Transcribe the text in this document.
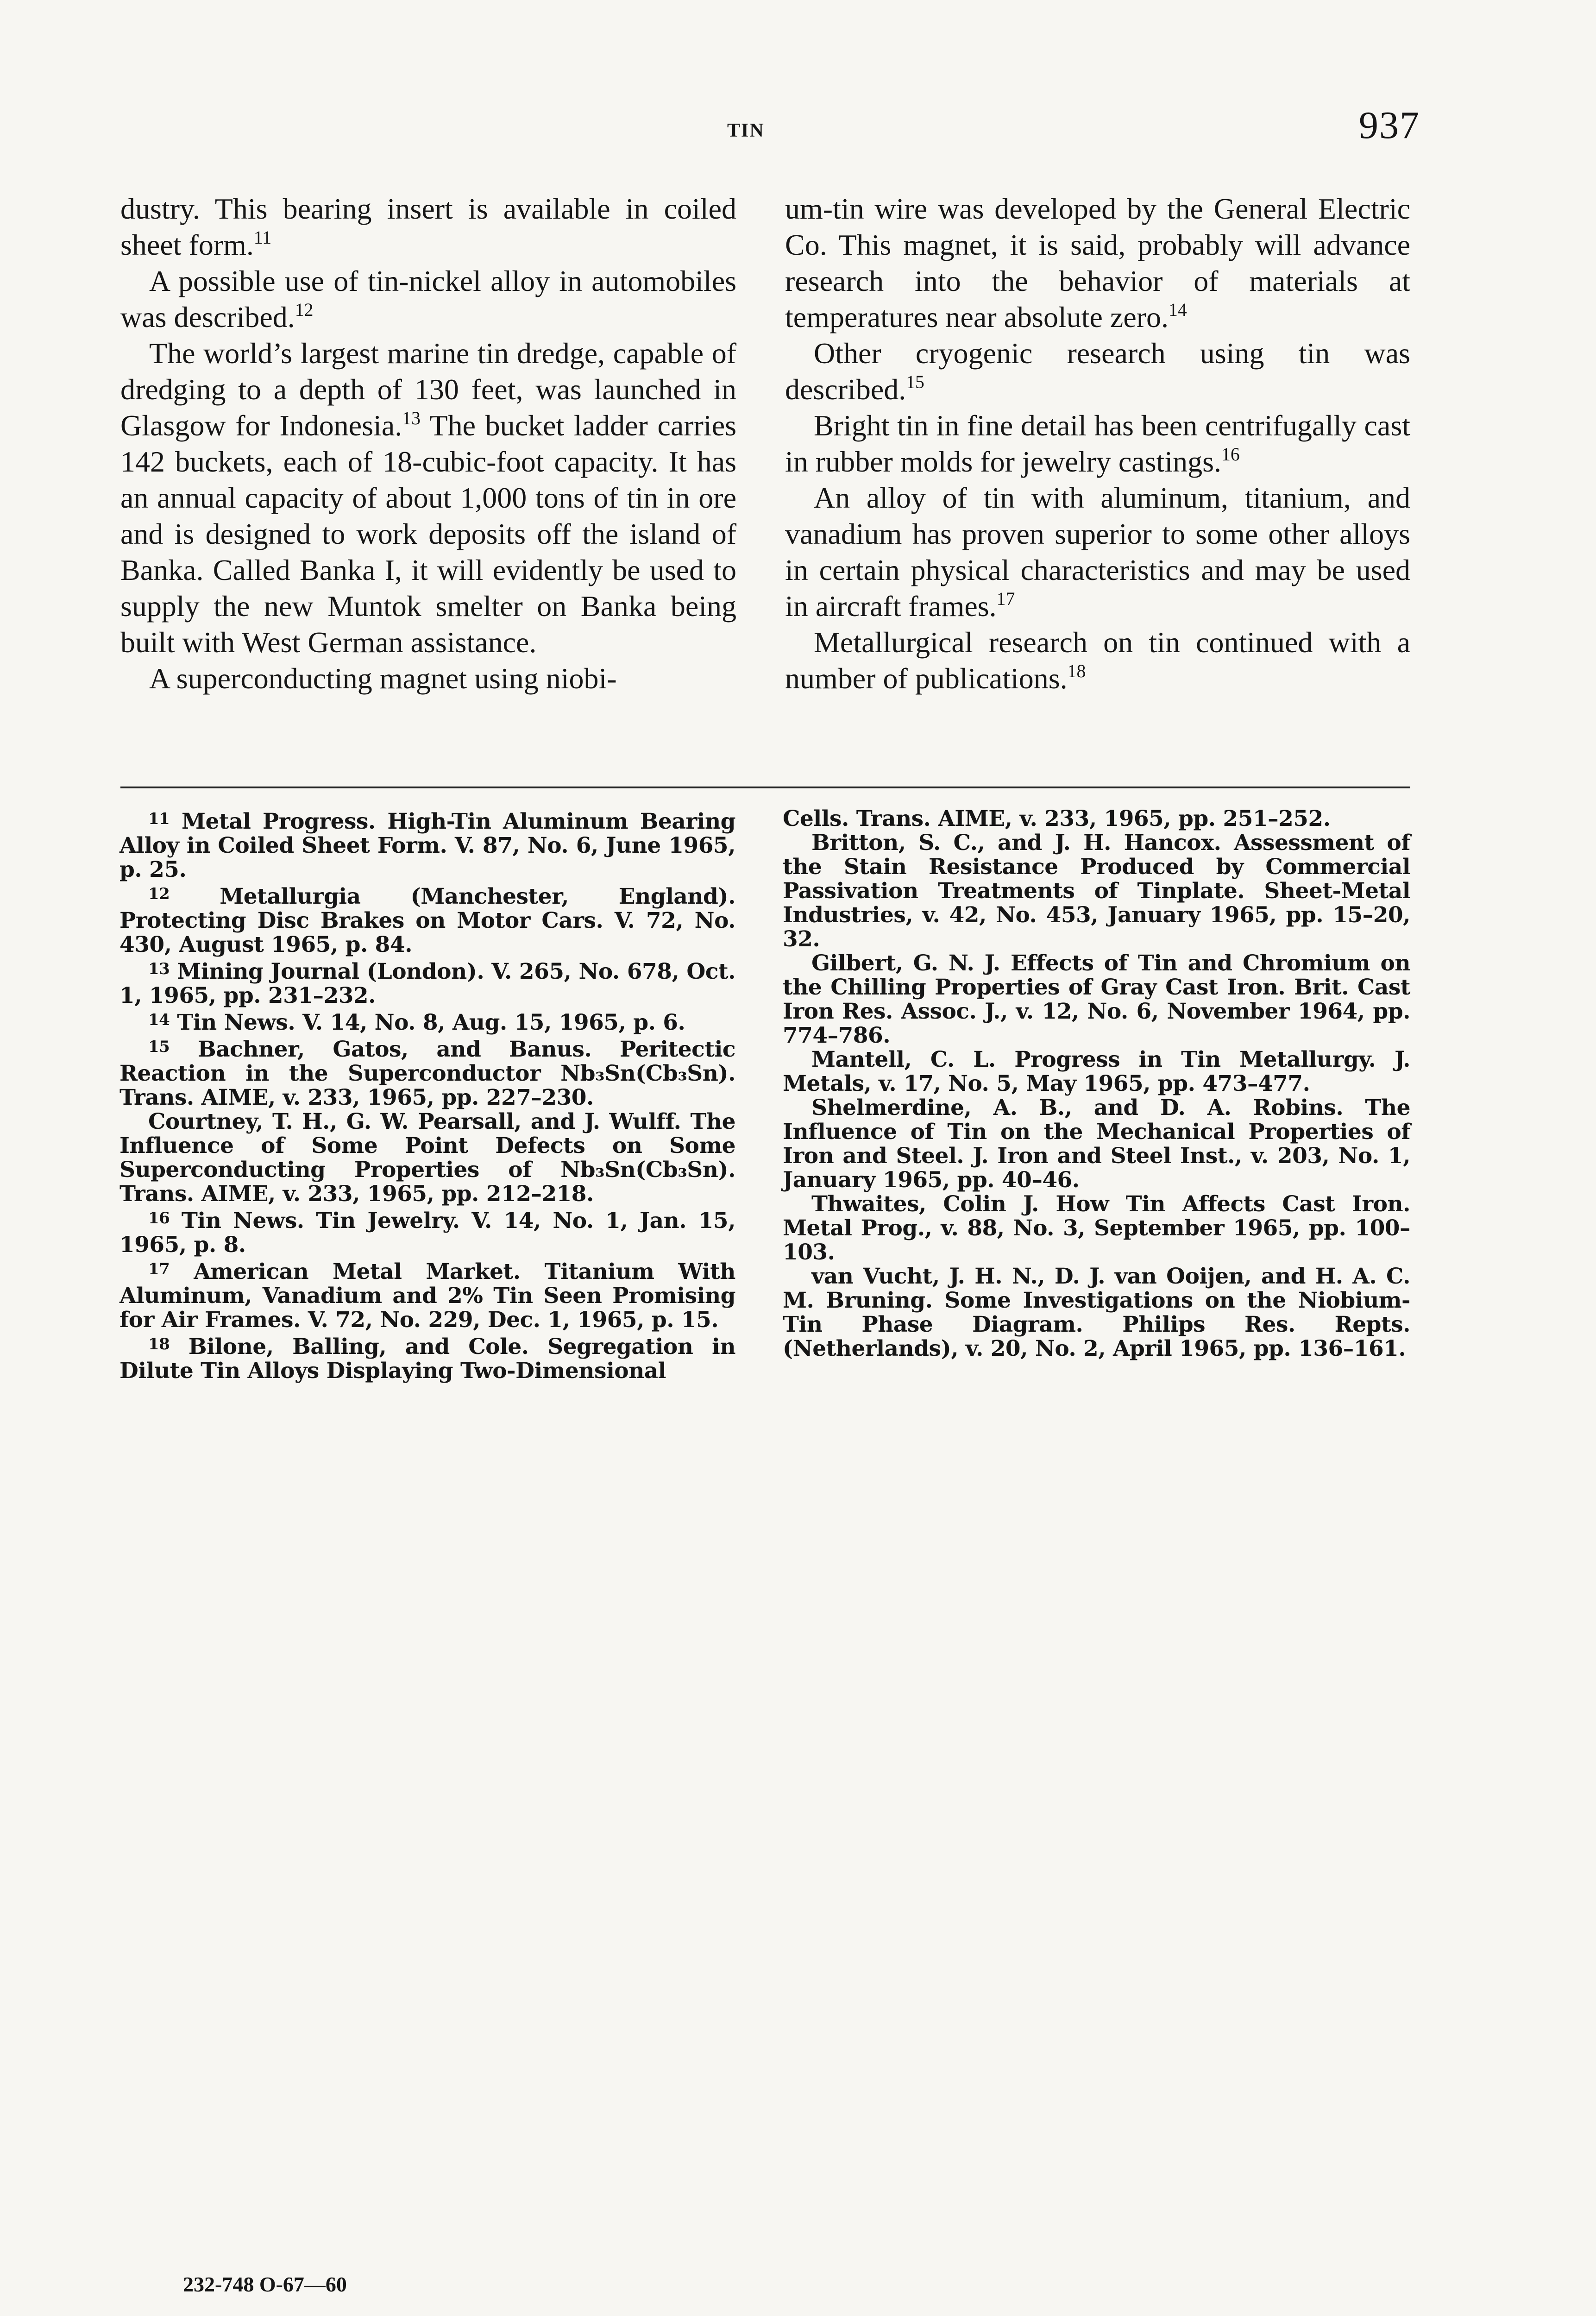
TIN	937

dustry. This bearing insert is available in coiled sheet form.$^{11}$

A possible use of tin-nickel alloy in automobiles was described.$^{12}$

The world’s largest marine tin dredge, capable of dredging to a depth of 130 feet, was launched in Glasgow for Indonesia.$^{13}$ The bucket ladder carries 142 buckets, each of 18-cubic-foot capacity. It has an annual capacity of about 1,000 tons of tin in ore and is designed to work deposits off the island of Banka. Called Banka I, it will evidently be used to supply the new Muntok smelter on Banka being built with West German assistance.

A superconducting magnet using niobi-

um-tin wire was developed by the General Electric Co. This magnet, it is said, probably will advance research into the behavior of materials at temperatures near absolute zero.$^{14}$

Other cryogenic research using tin was described.$^{15}$

Bright tin in fine detail has been centrifugally cast in rubber molds for jewelry castings.$^{16}$

An alloy of tin with aluminum, titanium, and vanadium has proven superior to some other alloys in certain physical characteristics and may be used in aircraft frames.$^{17}$

Metallurgical research on tin continued with a number of publications.$^{18}$

$^{11}$ Metal Progress. High-Tin Aluminum Bearing Alloy in Coiled Sheet Form. V. 87, No. 6, June 1965, p. 25.

$^{12}$ Metallurgia (Manchester, England). Protecting Disc Brakes on Motor Cars. V. 72, No. 430, August 1965, p. 84.

$^{13}$ Mining Journal (London). V. 265, No. 678, Oct. 1, 1965, pp. 231–232.

$^{14}$ Tin News. V. 14, No. 8, Aug. 15, 1965, p. 6.

$^{15}$ Bachner, Gatos, and Banus. Peritectic Reaction in the Superconductor Nb₃Sn(Cb₃Sn). Trans. AIME, v. 233, 1965, pp. 227–230.

Courtney, T. H., G. W. Pearsall, and J. Wulff. The Influence of Some Point Defects on Some Superconducting Properties of Nb₃Sn(Cb₃Sn). Trans. AIME, v. 233, 1965, pp. 212–218.

$^{16}$ Tin News. Tin Jewelry. V. 14, No. 1, Jan. 15, 1965, p. 8.

$^{17}$ American Metal Market. Titanium With Aluminum, Vanadium and 2% Tin Seen Promising for Air Frames. V. 72, No. 229, Dec. 1, 1965, p. 15.

$^{18}$ Bilone, Balling, and Cole. Segregation in Dilute Tin Alloys Displaying Two-Dimensional

Cells. Trans. AIME, v. 233, 1965, pp. 251–252.

Britton, S. C., and J. H. Hancox. Assessment of the Stain Resistance Produced by Commercial Passivation Treatments of Tinplate. Sheet-Metal Industries, v. 42, No. 453, January 1965, pp. 15–20, 32.

Gilbert, G. N. J. Effects of Tin and Chromium on the Chilling Properties of Gray Cast Iron. Brit. Cast Iron Res. Assoc. J., v. 12, No. 6, November 1964, pp. 774–786.

Mantell, C. L. Progress in Tin Metallurgy. J. Metals, v. 17, No. 5, May 1965, pp. 473–477.

Shelmerdine, A. B., and D. A. Robins. The Influence of Tin on the Mechanical Properties of Iron and Steel. J. Iron and Steel Inst., v. 203, No. 1, January 1965, pp. 40–46.

Thwaites, Colin J. How Tin Affects Cast Iron. Metal Prog., v. 88, No. 3, September 1965, pp. 100–103.

van Vucht, J. H. N., D. J. van Ooijen, and H. A. C. M. Bruning. Some Investigations on the Niobium-Tin Phase Diagram. Philips Res. Repts. (Netherlands), v. 20, No. 2, April 1965, pp. 136–161.

232-748 O-67—60
